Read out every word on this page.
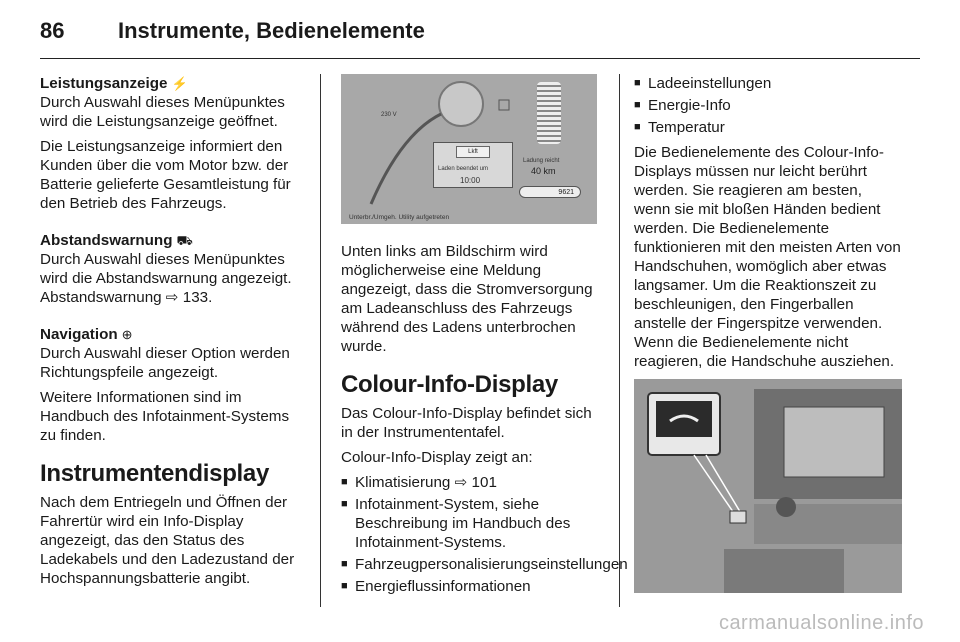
86 Instrumente, Bedienelemente

Leistungsanzeige ⚡

Durch Auswahl dieses Menüpunktes wird die Leistungsanzeige geöffnet.

Die Leistungsanzeige informiert den Kunden über die vom Motor bzw. der Batterie gelieferte Gesamtleistung für den Betrieb des Fahrzeugs.

Abstandswarnung ⛟

Durch Auswahl dieses Menüpunktes wird die Abstandswarnung angezeigt. Abstandswarnung ⇨ 133.

Navigation ⊕

Durch Auswahl dieser Option werden Richtungspfeile angezeigt.

Weitere Informationen sind im Handbuch des Infotainment-Systems zu finden.

Instrumentendisplay

Nach dem Entriegeln und Öffnen der Fahrertür wird ein Info-Display angezeigt, das den Status des Ladekabels und den Ladezustand der Hochspannungsbatterie angibt.

230 V
Lkft
Laden beendet um
10:00
Ladung reicht
40 km
9621
Unterbr./Umgeh. Utility aufgetreten

Unten links am Bildschirm wird möglicherweise eine Meldung angezeigt, dass die Stromversorgung am Ladeanschluss des Fahrzeugs während des Ladens unterbrochen wurde.

Colour-Info-Display

Das Colour-Info-Display befindet sich in der Instrumententafel.

Colour-Info-Display zeigt an:

■ Klimatisierung ⇨ 101
■ Infotainment-System, siehe Beschreibung im Handbuch des Infotainment-Systems.
■ Fahrzeugpersonalisierungseinstellungen
■ Energieflussinformationen
■ Ladeeinstellungen
■ Energie-Info
■ Temperatur

Die Bedienelemente des Colour-Info-Displays müssen nur leicht berührt werden. Sie reagieren am besten, wenn sie mit bloßen Händen bedient werden. Die Bedienelemente funktionieren mit den meisten Arten von Handschuhen, womöglich aber etwas langsamer. Um die Reaktionszeit zu beschleunigen, den Fingerballen anstelle der Fingerspitze verwenden. Wenn die Bedienelemente nicht reagieren, die Handschuhe ausziehen.

carmanualsonline.info
